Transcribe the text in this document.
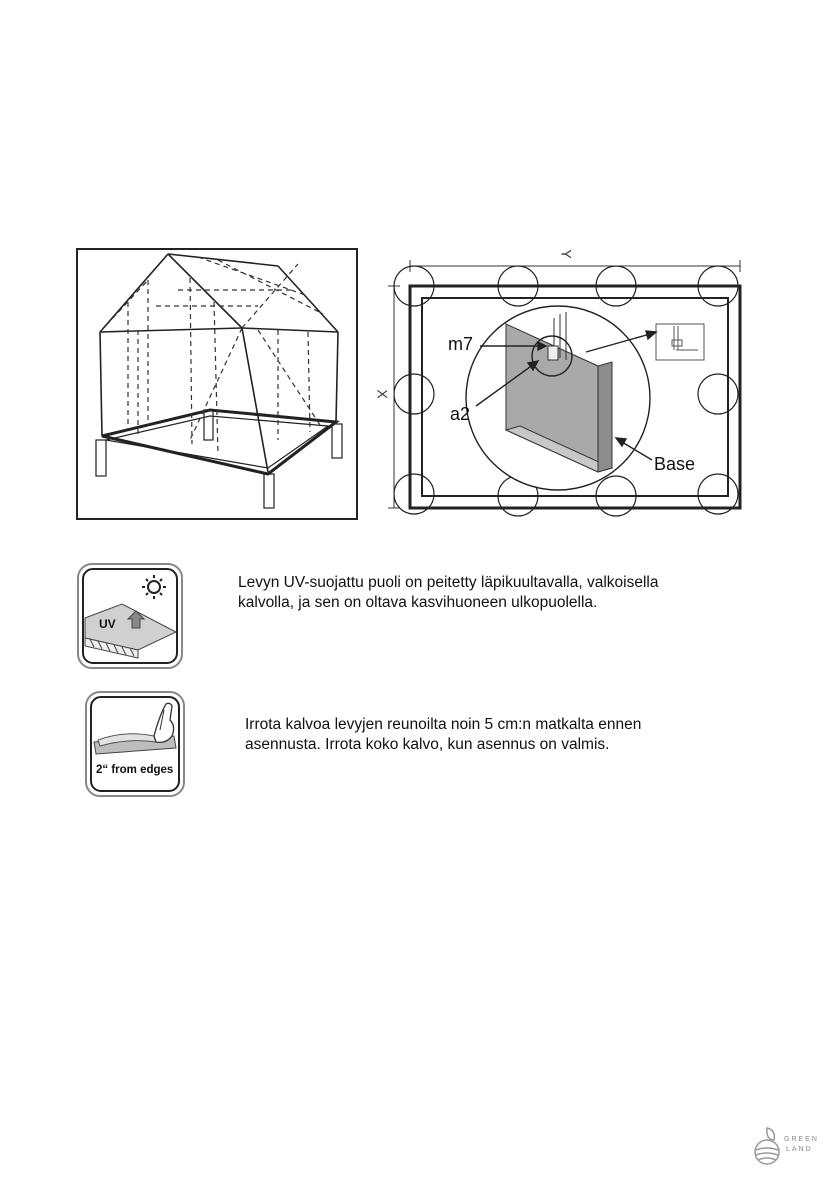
Y
X
m7
a2
Base
UV
Levyn UV-suojattu puoli on peitetty läpikuultavalla, valkoisella
kalvolla, ja sen on oltava kasvihuoneen ulkopuolella.
2“ from edges
Irrota kalvoa levyjen reunoilta noin 5 cm:n matkalta ennen
asennusta. Irrota koko kalvo, kun asennus on valmis.
GREEN
LAND
